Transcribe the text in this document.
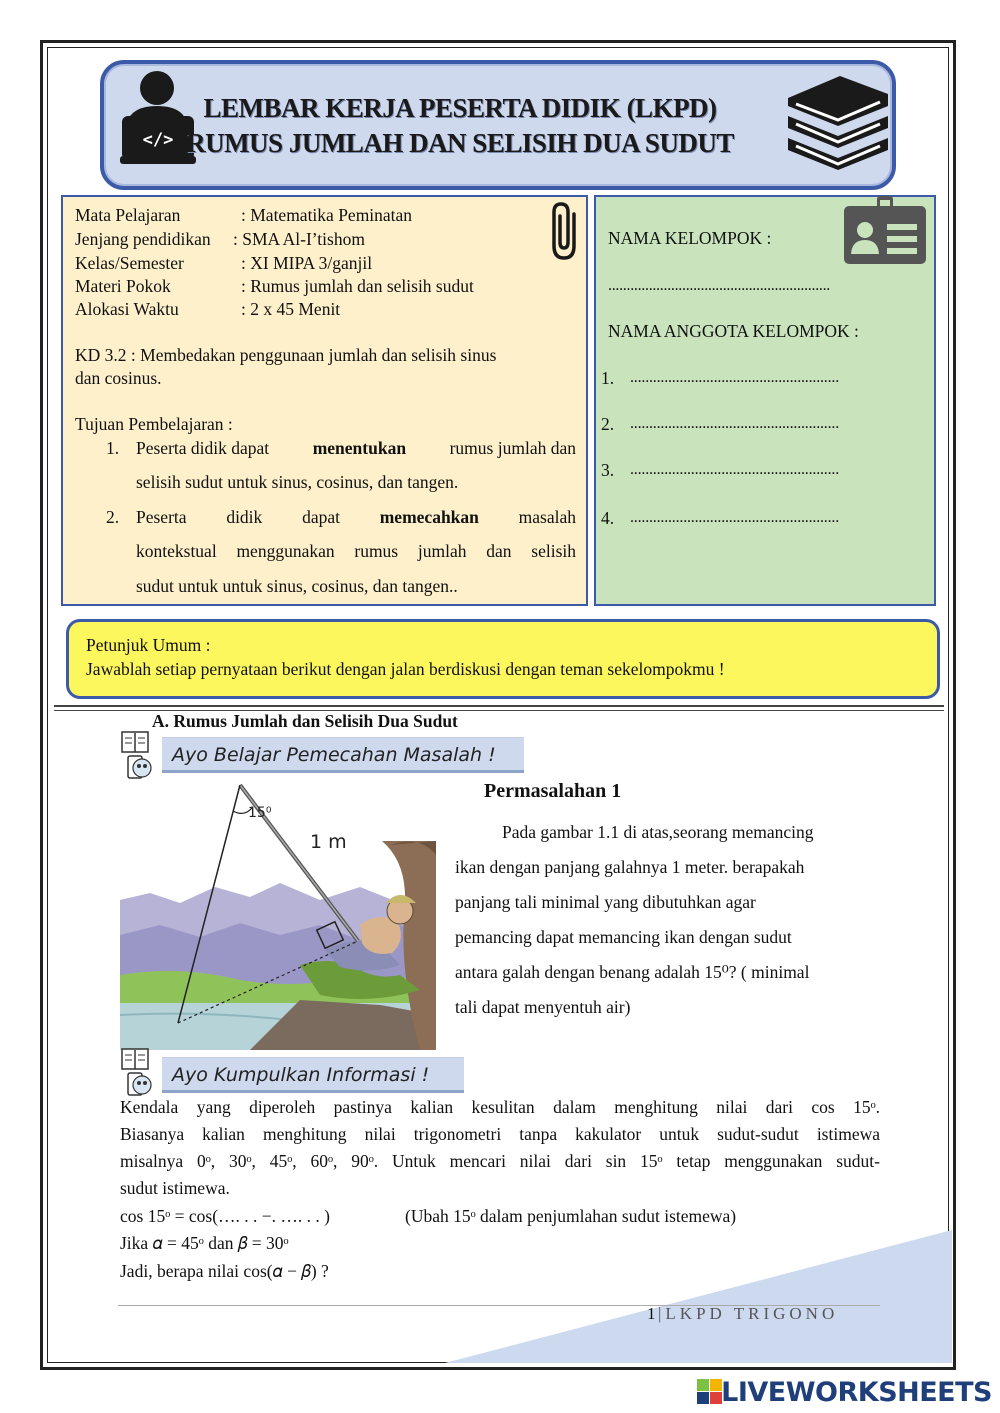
</>
LEMBAR KERJA PESERTA DIDIK (LKPD)
RUMUS JUMLAH DAN SELISIH DUA SUDUT
Mata Pelajaran	: Matematika Peminatan
Jenjang pendidikan : SMA Al-I’tishom
Kelas/Semester	: XI MIPA 3/ganjil
Materi Pokok	: Rumus jumlah dan selisih sudut
Alokasi Waktu	: 2 x 45 Menit
KD 3.2 : Membedakan penggunaan jumlah dan selisih sinus
dan cosinus.
Tujuan Pembelajaran :
1. Peserta didik dapat menentukan rumus jumlah dan
selisih sudut untuk sinus, cosinus, dan tangen.
2. Peserta didik dapat memecahkan masalah
kontekstual menggunakan rumus jumlah dan selisih
sudut untuk untuk sinus, cosinus, dan tangen..
NAMA KELOMPOK :
............................................................
NAMA ANGGOTA KELOMPOK :
1. .......................................................
2. .......................................................
3. .......................................................
4. .......................................................
Petunjuk Umum :
Jawablah setiap pernyataan berikut dengan jalan berdiskusi dengan teman sekelompokmu !
A. Rumus Jumlah dan Selisih Dua Sudut
Ayo Belajar Pemecahan Masalah !
Permasalahan 1
15⁰
1 m	Pada gambar 1.1 di atas,seorang memancing
ikan dengan panjang galahnya 1 meter. berapakah
panjang tali minimal yang dibutuhkan agar
pemancing dapat memancing ikan dengan sudut
antara galah dengan benang adalah 15⁰? ( minimal
tali dapat menyentuh air)
Ayo Kumpulkan Informasi !
Kendala yang diperoleh pastinya kalian kesulitan dalam menghitung nilai dari cos 15ᵒ.
Biasanya kalian menghitung nilai trigonometri tanpa kakulator untuk sudut-sudut istimewa
misalnya 0ᵒ, 30ᵒ, 45ᵒ, 60ᵒ, 90ᵒ. Untuk mencari nilai dari sin 15ᵒ tetap menggunakan sudut-
sudut istimewa.
cos 15ᵒ = cos(…. . . −. …. . . )	(Ubah 15ᵒ dalam penjumlahan sudut istemewa)
Jika 𝛼 = 45ᵒ dan 𝛽 = 30ᵒ
Jadi, berapa nilai cos(𝛼 − 𝛽) ?
1 |LKPD TRIGONO
LIVEWORKSHEETS
